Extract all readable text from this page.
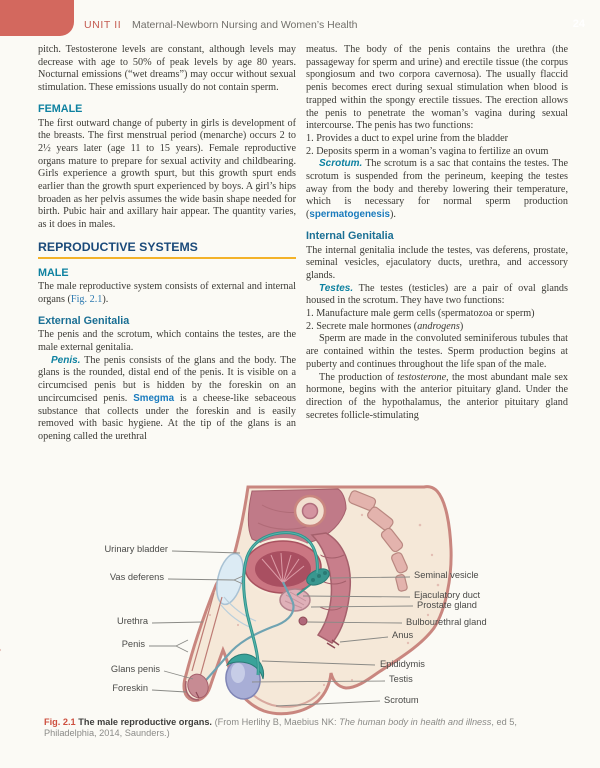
24
UNIT II Maternal-Newborn Nursing and Women’s Health

pitch. Testosterone levels are constant, although levels may decrease with age to 50% of peak levels by age 80 years. Nocturnal emissions (“wet dreams”) may occur without sexual stimulation. These emissions usually do not contain sperm.

FEMALE

The first outward change of puberty in girls is development of the breasts. The first menstrual period (menarche) occurs 2 to 2½ years later (age 11 to 15 years). Female reproductive organs mature to prepare for sexual activity and childbearing. Girls experience a growth spurt, but this growth spurt ends earlier than the growth spurt experienced by boys. A girl’s hips broaden as her pelvis assumes the wide basin shape needed for birth. Pubic hair and axillary hair appear. The quantity varies, as it does in males.

REPRODUCTIVE SYSTEMS
MALE

The male reproductive system consists of external and internal organs (Fig. 2.1).

External Genitalia

The penis and the scrotum, which contains the testes, are the male external genitalia.

Penis. The penis consists of the glans and the body. The glans is the rounded, distal end of the penis. It is visible on a circumcised penis but is hidden by the foreskin on an uncircumcised penis. Smegma is a cheese-like sebaceous substance that collects under the foreskin and is easily removed with basic hygiene. At the tip of the glans is an opening called the urethral

meatus. The body of the penis contains the urethra (the passageway for sperm and urine) and erectile tissue (the corpus spongiosum and two corpora cavernosa). The usually flaccid penis becomes erect during sexual stimulation when blood is trapped within the spongy erectile tissues. The erection allows the penis to penetrate the woman’s vagina during sexual intercourse. The penis has two functions:

1. Provides a duct to expel urine from the bladder

2. Deposits sperm in a woman’s vagina to fertilize an ovum

Scrotum. The scrotum is a sac that contains the testes. The scrotum is suspended from the perineum, keeping the testes away from the body and thereby lowering their temperature, which is necessary for normal sperm production (spermatogenesis).

Internal Genitalia

The internal genitalia include the testes, vas deferens, prostate, seminal vesicles, ejaculatory ducts, urethra, and accessory glands.

Testes. The testes (testicles) are a pair of oval glands housed in the scrotum. They have two functions:

1. Manufacture male germ cells (spermatozoa or sperm)

2. Secrete male hormones (androgens)

Sperm are made in the convoluted seminiferous tubules that are contained within the testes. Sperm production begins at puberty and continues throughout the life span of the male.

The production of testosterone, the most abundant male sex hormone, begins with the anterior pituitary gland. Under the direction of the hypothalamus, the anterior pituitary gland secretes follicle-stimulating

Urinary bladder
Vas deferens
Urethra
Penis
Glans penis
Foreskin
Seminal vesicle
Ejaculatory duct
Prostate gland
Bulbourethral gland
Anus
Epididymis
Testis
Scrotum
Fig. 2.1 The male reproductive organs. (From Herlihy B, Maebius NK: The human body in health and illness, ed 5, Philadelphia, 2014, Saunders.)
